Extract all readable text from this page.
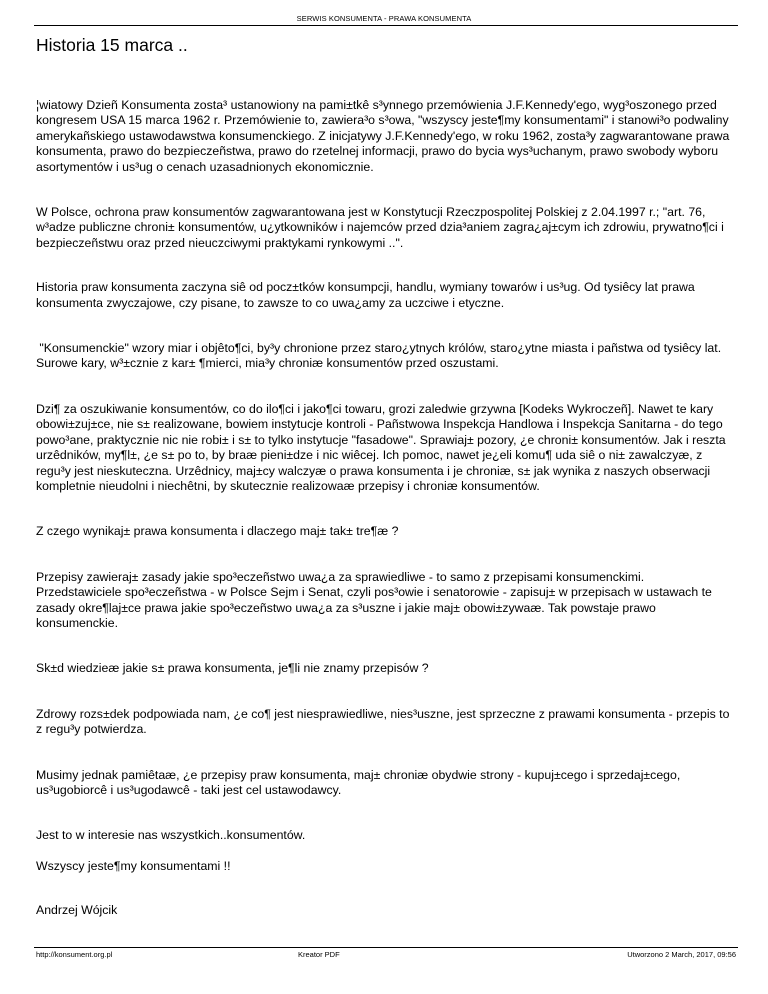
SERWIS KONSUMENTA - PRAWA KONSUMENTA
Historia 15 marca ..

¦wiatowy Dzieñ Konsumenta zosta³ ustanowiony na pami±tkê s³ynnego przemówienia J.F.Kennedy'ego, wyg³oszonego przed kongresem USA 15 marca 1962 r. Przemówienie to, zawiera³o s³owa, "wszyscy jeste¶my konsumentami" i stanowi³o podwaliny amerykañskiego ustawodawstwa konsumenckiego. Z inicjatywy J.F.Kennedy'ego, w roku 1962, zosta³y zagwarantowane prawa konsumenta, prawo do bezpieczeñstwa, prawo do rzetelnej informacji, prawo do bycia wys³uchanym, prawo swobody wyboru asortymentów i us³ug o cenach uzasadnionych ekonomicznie.

W Polsce, ochrona praw konsumentów zagwarantowana jest w Konstytucji Rzeczpospolitej Polskiej z 2.04.1997 r.; "art. 76, w³adze publiczne chroni± konsumentów, u¿ytkowników i najemców przed dzia³aniem zagra¿aj±cym ich zdrowiu, prywatno¶ci i bezpieczeñstwu oraz przed nieuczciwymi praktykami rynkowymi ..".

Historia praw konsumenta zaczyna siê od pocz±tków konsumpcji, handlu, wymiany towarów i us³ug. Od tysiêcy lat prawa konsumenta zwyczajowe, czy pisane, to zawsze to co uwa¿amy za uczciwe i etyczne.

"Konsumenckie" wzory miar i objêto¶ci, by³y chronione przez staro¿ytnych królów, staro¿ytne miasta i pañstwa od tysiêcy lat. Surowe kary, w³±cznie z kar± ¶mierci, mia³y chroniæ konsumentów przed oszustami.

Dzi¶ za oszukiwanie konsumentów, co do ilo¶ci i jako¶ci towaru, grozi zaledwie grzywna [Kodeks Wykroczeñ]. Nawet te kary obowi±zuj±ce, nie s± realizowane, bowiem instytucje kontroli - Pañstwowa Inspekcja Handlowa i Inspekcja Sanitarna - do tego powo³ane, praktycznie nic nie robi± i s± to tylko instytucje "fasadowe". Sprawiaj± pozory, ¿e chroni± konsumentów. Jak i reszta urzêdników, my¶l±, ¿e s± po to, by braæ pieni±dze i nic wiêcej. Ich pomoc, nawet je¿eli komu¶ uda siê o ni± zawalczyæ, z regu³y jest nieskuteczna. Urzêdnicy, maj±cy walczyæ o prawa konsumenta i je chroniæ, s± jak wynika z naszych obserwacji kompletnie nieudolni i niechêtni, by skutecznie realizowaæ przepisy i chroniæ konsumentów.

Z czego wynikaj± prawa konsumenta i dlaczego maj± tak± tre¶æ ?

Przepisy zawieraj± zasady jakie spo³eczeñstwo uwa¿a za sprawiedliwe - to samo z przepisami konsumenckimi. Przedstawiciele spo³eczeñstwa - w Polsce Sejm i Senat, czyli pos³owie i senatorowie - zapisuj± w przepisach w ustawach te zasady okre¶laj±ce prawa jakie spo³eczeñstwo uwa¿a za s³uszne i jakie maj± obowi±zywaæ. Tak powstaje prawo konsumenckie.

Sk±d wiedzieæ jakie s± prawa konsumenta, je¶li nie znamy przepisów ?

Zdrowy rozs±dek podpowiada nam, ¿e co¶ jest niesprawiedliwe, nies³uszne, jest sprzeczne z prawami konsumenta - przepis to z regu³y potwierdza.

Musimy jednak pamiêtaæ, ¿e przepisy praw konsumenta, maj± chroniæ obydwie strony - kupuj±cego i sprzedaj±cego, us³ugobiorcê i us³ugodawcê - taki jest cel ustawodawcy.

Jest to w interesie nas wszystkich..konsumentów.

Wszyscy jeste¶my konsumentami !!

Andrzej Wójcik

http://konsument.org.pl	Kreator PDF	Utworzono 2 March, 2017, 09:56
